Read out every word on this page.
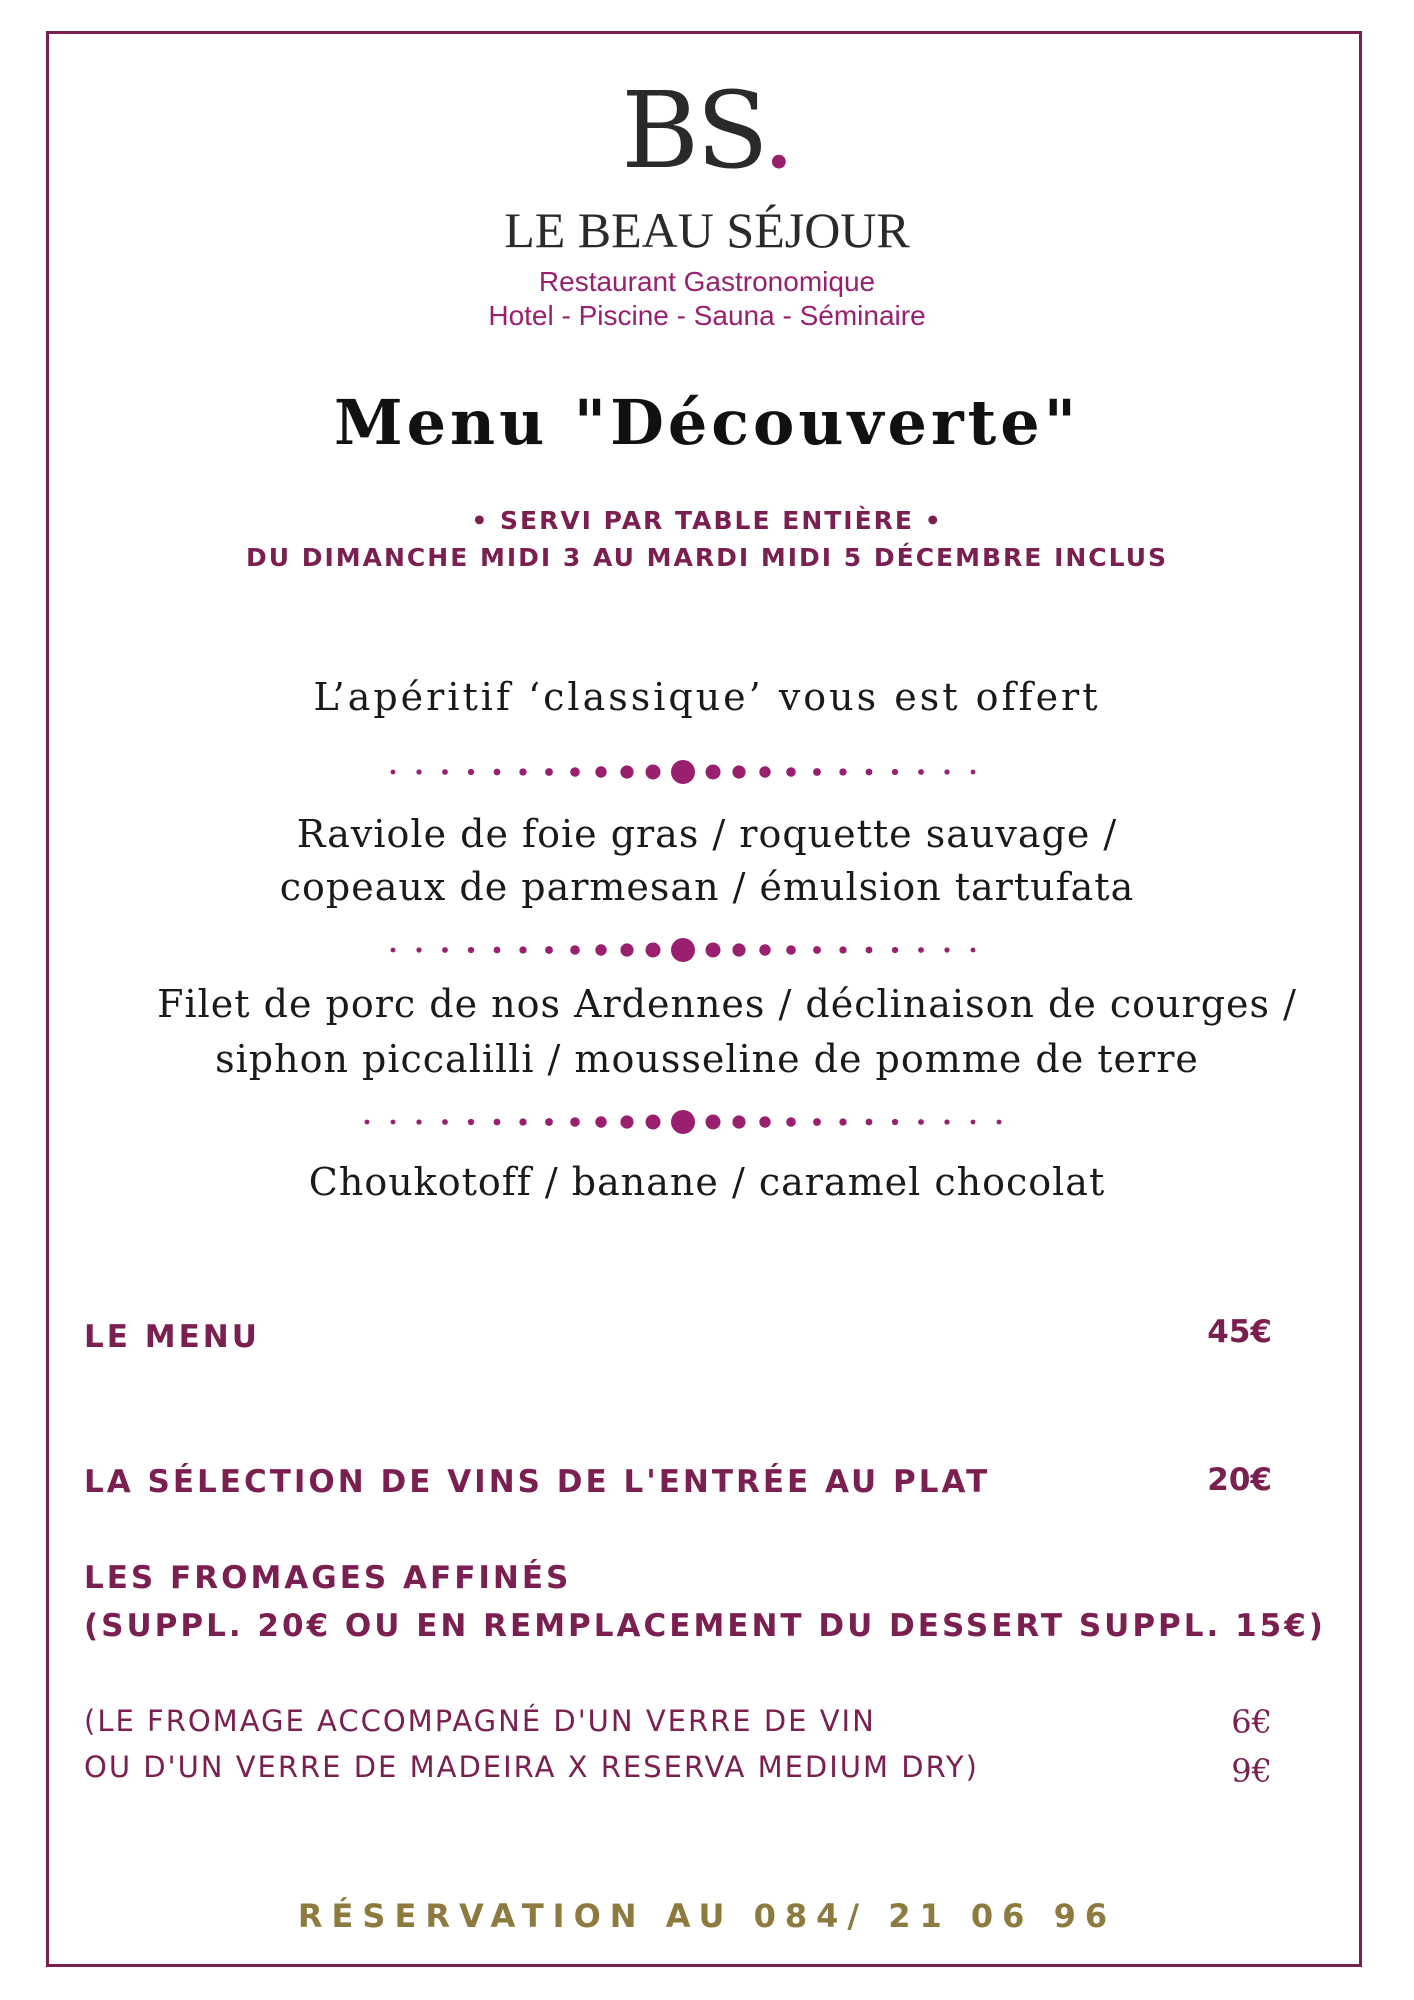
BS.
LE BEAU SÉJOUR
Restaurant Gastronomique
Hotel - Piscine - Sauna - Séminaire
Menu "Découverte"
• SERVI PAR TABLE ENTIÈRE •
DU DIMANCHE MIDI 3 AU MARDI MIDI 5 DÉCEMBRE INCLUS
L’apéritif ‘classique’ vous est offert
Raviole de foie gras / roquette sauvage /
copeaux de parmesan / émulsion tartufata
Filet de porc de nos Ardennes / déclinaison de courges /
siphon piccalilli / mousseline de pomme de terre
Choukotoff / banane / caramel chocolat
LE MENU	45€
LA SÉLECTION DE VINS DE L'ENTRÉE AU PLAT	20€
LES FROMAGES AFFINÉS
(SUPPL. 20€ OU EN REMPLACEMENT DU DESSERT SUPPL. 15€)
(LE FROMAGE ACCOMPAGNÉ D'UN VERRE DE VIN
OU D'UN VERRE DE MADEIRA X RESERVA MEDIUM DRY)
6€
9€
RÉSERVATION AU 084/ 21 06 96
